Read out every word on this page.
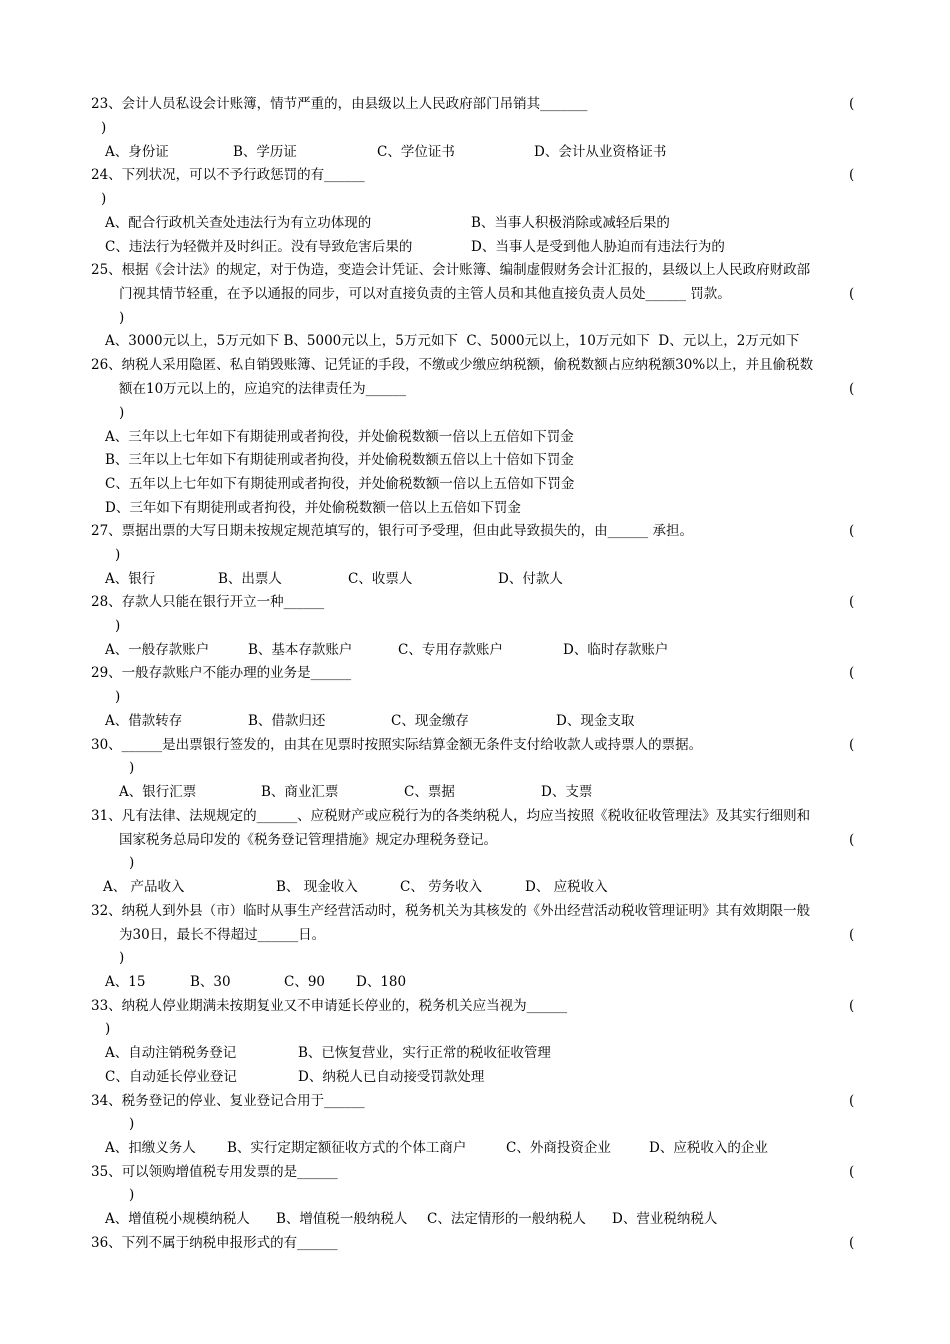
23、会计人员私设会计账簿，情节严重的，由县级以上人民政府部门吊销其_______	(
)
A、身份证	B、学历证	C、学位证书	D、会计从业资格证书
24、下列状况，可以不予行政惩罚的有______	(
)
A、配合行政机关查处违法行为有立功体现的	B、当事人积极消除或减轻后果的
C、违法行为轻微并及时纠正。没有导致危害后果的	D、当事人是受到他人胁迫而有违法行为的
25、根据《会计法》的规定，对于伪造，变造会计凭证、会计账簿、编制虚假财务会计汇报的，县级以上人民政府财政部
门视其情节轻重，在予以通报的同步，可以对直接负责的主管人员和其他直接负责人员处______ 罚款。	(
)
A、3000元以上，5万元如下 B、5000元以上，5万元如下  C、5000元以上，10万元如下  D、元以上，2万元如下
26、纳税人采用隐匿、私自销毁账簿、记凭证的手段，不缴或少缴应纳税额，偷税数额占应纳税额30%以上，并且偷税数
额在10万元以上的，应追究的法律责任为______	(
)
A、三年以上七年如下有期徒刑或者拘役，并处偷税数额一倍以上五倍如下罚金
B、三年以上七年如下有期徒刑或者拘役，并处偷税数额五倍以上十倍如下罚金
C、五年以上七年如下有期徒刑或者拘役，并处偷税数额一倍以上五倍如下罚金
D、三年如下有期徒刑或者拘役，并处偷税数额一倍以上五倍如下罚金
27、票据出票的大写日期未按规定规范填写的，银行可予受理，但由此导致损失的，由______ 承担。	(
)
A、银行	B、出票人	C、收票人	D、付款人
28、存款人只能在银行开立一种______	(
)
A、一般存款账户	B、基本存款账户	C、专用存款账户	D、临时存款账户
29、一般存款账户不能办理的业务是______	(
)
A、借款转存	B、借款归还	C、现金缴存	D、现金支取
30、______是出票银行签发的，由其在见票时按照实际结算金额无条件支付给收款人或持票人的票据。	(
)
A、银行汇票	B、商业汇票	C、票据	D、支票
31、凡有法律、法规规定的______、应税财产或应税行为的各类纳税人，均应当按照《税收征收管理法》及其实行细则和
国家税务总局印发的《税务登记管理措施》规定办理税务登记。	(
)
A、 产品收入	B、 现金收入	C、 劳务收入	D、 应税收入
32、纳税人到外县（市）临时从事生产经营活动时，税务机关为其核发的《外出经营活动税收管理证明》其有效期限一般
为30日，最长不得超过______日。	(
)
A、15	B、30	C、90 D、180
33、纳税人停业期满未按期复业又不申请延长停业的，税务机关应当视为______	(
)
A、自动注销税务登记	B、已恢复营业，实行正常的税收征收管理
C、自动延长停业登记	D、纳税人已自动接受罚款处理
34、税务登记的停业、复业登记合用于______	(
)
A、扣缴义务人 B、实行定期定额征收方式的个体工商户	C、外商投资企业	D、应税收入的企业
35、可以领购增值税专用发票的是______	(
)
A、增值税小规模纳税人 B、增值税一般纳税人 C、法定情形的一般纳税人 D、营业税纳税人
36、下列不属于纳税申报形式的有______	(
